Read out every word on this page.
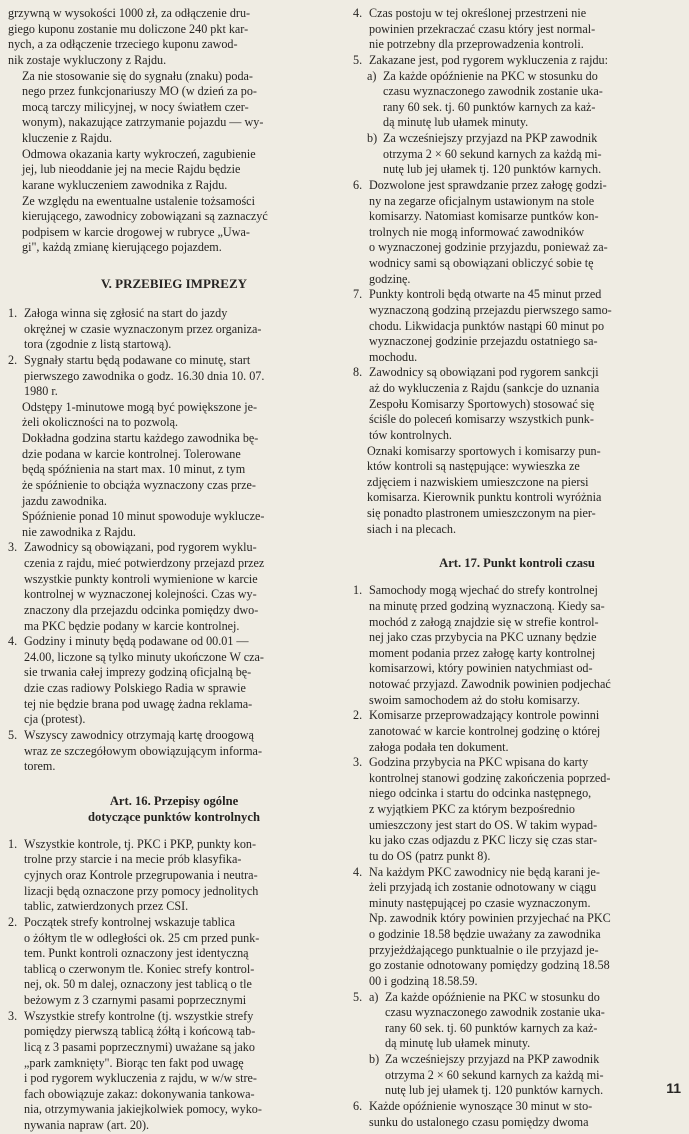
grzywną w wysokości 1000 zł, za odłączenie dru-
giego kuponu zostanie mu doliczone 240 pkt kar-
nych, a za odłączenie trzeciego kuponu zawod-
nik zostaje wykluczony z Rajdu.
Za nie stosowanie się do sygnału (znaku) poda-
nego przez funkcjonariuszy MO (w dzień za po-
mocą tarczy milicyjnej, w nocy światłem czer-
wonym), nakazujące zatrzymanie pojazdu — wy-
kluczenie z Rajdu.
Odmowa okazania karty wykroczeń, zagubienie
jej, lub nieoddanie jej na mecie Rajdu będzie
karane wykluczeniem zawodnika z Rajdu.
Ze względu na ewentualne ustalenie tożsamości
kierującego, zawodnicy zobowiązani są zaznaczyć
podpisem w karcie drogowej w rubryce „Uwa-
gi", każdą zmianę kierującego pojazdem.
V. PRZEBIEG IMPREZY
1. Załoga winna się zgłosić na start do jazdy
okrężnej w czasie wyznaczonym przez organiza-
tora (zgodnie z listą startową).
2. Sygnały startu będą podawane co minutę, start
pierwszego zawodnika o godz. 16.30 dnia 10. 07.
1980 r.
Odstępy 1-minutowe mogą być powiększone je-
żeli okoliczności na to pozwolą.
Dokładna godzina startu każdego zawodnika bę-
dzie podana w karcie kontrolnej. Tolerowane
będą spóźnienia na start max. 10 minut, z tym
że spóźnienie to obciąża wyznaczony czas prze-
jazdu zawodnika.
Spóźnienie ponad 10 minut spowoduje wyklucze-
nie zawodnika z Rajdu.
3. Zawodnicy są obowiązani, pod rygorem wyklu-
czenia z rajdu, mieć potwierdzony przejazd przez
wszystkie punkty kontroli wymienione w karcie
kontrolnej w wyznaczonej kolejności. Czas wy-
znaczony dla przejazdu odcinka pomiędzy dwo-
ma PKC będzie podany w karcie kontrolnej.
4. Godziny i minuty będą podawane od 00.01 —
24.00, liczone są tylko minuty ukończone W cza-
sie trwania całej imprezy godziną oficjalną bę-
dzie czas radiowy Polskiego Radia w sprawie
tej nie będzie brana pod uwagę żadna reklama-
cja (protest).
5. Wszyscy zawodnicy otrzymają kartę droogową
wraz ze szczegółowym obowiązującym informa-
torem.
Art. 16. Przepisy ogólne
dotyczące punktów kontrolnych
1. Wszystkie kontrole, tj. PKC i PKP, punkty kon-
trolne przy starcie i na mecie prób klasyfika-
cyjnych oraz Kontrole przegrupowania i neutra-
lizacji będą oznaczone przy pomocy jednolitych
tablic, zatwierdzonych przez CSI.
2. Początek strefy kontrolnej wskazuje tablica
o żółtym tle w odległości ok. 25 cm przed punk-
tem. Punkt kontroli oznaczony jest identyczną
tablicą o czerwonym tle. Koniec strefy kontrol-
nej, ok. 50 m dalej, oznaczony jest tablicą o tle
beżowym z 3 czarnymi pasami poprzecznymi
3. Wszystkie strefy kontrolne (tj. wszystkie strefy
pomiędzy pierwszą tablicą żółtą i końcową tab-
licą z 3 pasami poprzecznymi) uważane są jako
„park zamknięty". Biorąc ten fakt pod uwagę
i pod rygorem wykluczenia z rajdu, w w/w stre-
fach obowiązuje zakaz: dokonywania tankowa-
nia, otrzymywania jakiejkolwiek pomocy, wyko-
nywania napraw (art. 20).
4. Czas postoju w tej określonej przestrzeni nie
powinien przekraczać czasu który jest normal-
nie potrzebny dla przeprowadzenia kontroli.
5. Zakazane jest, pod rygorem wykluczenia z rajdu:
a) Za każde opóźnienie na PKC w stosunku do
czasu wyznaczonego zawodnik zostanie uka-
rany 60 sek. tj. 60 punktów karnych za każ-
dą minutę lub ułamek minuty.
b) Za wcześniejszy przyjazd na PKP zawodnik
otrzyma 2 × 60 sekund karnych za każdą mi-
nutę lub jej ułamek tj. 120 punktów karnych.
6. Dozwolone jest sprawdzanie przez załogę godzi-
ny na zegarze oficjalnym ustawionym na stole
komisarzy. Natomiast komisarze puntków kon-
trolnych nie mogą informować zawodników
o wyznaczonej godzinie przyjazdu, ponieważ za-
wodnicy sami są obowiązani obliczyć sobie tę
godzinę.
7. Punkty kontroli będą otwarte na 45 minut przed
wyznaczoną godziną przejazdu pierwszego samo-
chodu. Likwidacja punktów nastąpi 60 minut po
wyznaczonej godzinie przejazdu ostatniego sa-
mochodu.
8. Zawodnicy są obowiązani pod rygorem sankcji
aż do wykluczenia z Rajdu (sankcje do uznania
Zespołu Komisarzy Sportowych) stosować się
ściśle do poleceń komisarzy wszystkich punk-
tów kontrolnych.
Oznaki komisarzy sportowych i komisarzy pun-
któw kontroli są następujące: wywieszka ze
zdjęciem i nazwiskiem umieszczone na piersi
komisarza. Kierownik punktu kontroli wyróżnia
się ponadto plastronem umieszczonym na pier-
siach i na plecach.
Art. 17. Punkt kontroli czasu
1. Samochody mogą wjechać do strefy kontrolnej
na minutę przed godziną wyznaczoną. Kiedy sa-
mochód z załogą znajdzie się w strefie kontrol-
nej jako czas przybycia na PKC uznany będzie
moment podania przez załogę karty kontrolnej
komisarzowi, który powinien natychmiast od-
notować przyjazd. Zawodnik powinien podjechać
swoim samochodem aż do stołu komisarzy.
2. Komisarze przeprowadzający kontrole powinni
zanotować w karcie kontrolnej godzinę o której
załoga podała ten dokument.
3. Godzina przybycia na PKC wpisana do karty
kontrolnej stanowi godzinę zakończenia poprzed-
niego odcinka i startu do odcinka następnego,
z wyjątkiem PKC za którym bezpośrednio
umieszczony jest start do OS. W takim wypad-
ku jako czas odjazdu z PKC liczy się czas star-
tu do OS (patrz punkt 8).
4. Na każdym PKC zawodnicy nie będą karani je-
żeli przyjadą ich zostanie odnotowany w ciągu
minuty następującej po czasie wyznaczonym.
Np. zawodnik który powinien przyjechać na PKC
o godzinie 18.58 będzie uważany za zawodnika
przyjeżdżającego punktualnie o ile przyjazd je-
go zostanie odnotowany pomiędzy godziną 18.58
00 i godziną 18.58.59.
5. a) Za każde opóźnienie na PKC w stosunku do
czasu wyznaczonego zawodnik zostanie uka-
rany 60 sek. tj. 60 punktów karnych za każ-
dą minutę lub ułamek minuty.
b) Za wcześniejszy przyjazd na PKP zawodnik
otrzyma 2 × 60 sekund karnych za każdą mi-
nutę lub jej ułamek tj. 120 punktów karnych.
6. Każde opóźnienie wynoszące 30 minut w sto-
sunku do ustalonego czasu pomiędzy dwoma
11
